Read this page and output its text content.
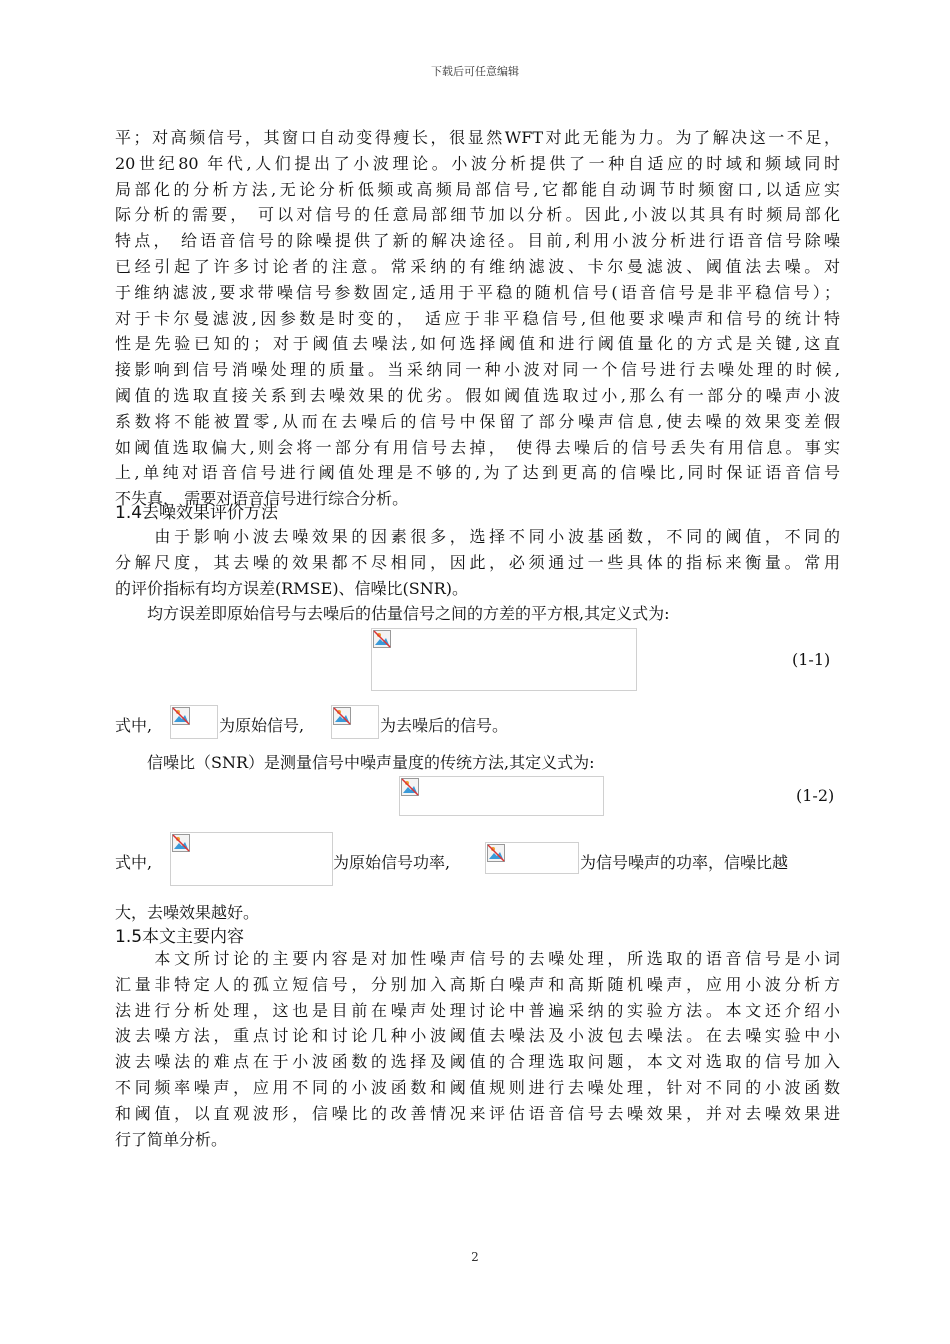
下载后可任意编辑
平；对高频信号，其窗口自动变得瘦长，很显然WFT对此无能为力。为了解决这一不足，
20世纪80 年代,人们提出了小波理论。小波分析提供了一种自适应的时域和频域同时
局部化的分析方法,无论分析低频或高频局部信号,它都能自动调节时频窗口,以适应实
际分析的需要， 可以对信号的任意局部细节加以分析。因此,小波以其具有时频局部化
特点， 给语音信号的除噪提供了新的解决途径。目前,利用小波分析进行语音信号除噪
已经引起了许多讨论者的注意。常采纳的有维纳滤波、卡尔曼滤波、阈值法去噪。对
于维纳滤波,要求带噪信号参数固定,适用于平稳的随机信号(语音信号是非平稳信号）；
对于卡尔曼滤波,因参数是时变的， 适应于非平稳信号,但他要求噪声和信号的统计特
性是先验已知的；对于阈值去噪法,如何选择阈值和进行阈值量化的方式是关键,这直
接影响到信号消噪处理的质量。当采纳同一种小波对同一个信号进行去噪处理的时候,
阈值的选取直接关系到去噪效果的优劣。假如阈值选取过小,那么有一部分的噪声小波
系数将不能被置零,从而在去噪后的信号中保留了部分噪声信息,使去噪的效果变差假
如阈值选取偏大,则会将一部分有用信号去掉， 使得去噪后的信号丢失有用信息。事实
上,单纯对语音信号进行阈值处理是不够的,为了达到更高的信噪比,同时保证语音信号
不失真， 需要对语音信号进行综合分析。
1.4去噪效果评价方法
　　由于影响小波去噪效果的因素很多，选择不同小波基函数，不同的阈值，不同的
分解尺度，其去噪的效果都不尽相同，因此，必须通过一些具体的指标来衡量。常用
的评价指标有均方误差(RMSE)、信噪比(SNR)。
　　均方误差即原始信号与去噪后的估量信号之间的方差的平方根,其定义式为:
(1-1)
式中,	为原始信号,	为去噪后的信号。
　　信噪比（SNR）是测量信号中噪声量度的传统方法,其定义式为:
(1-2)
式中,	为原始信号功率,	为信号噪声的功率，信噪比越
大，去噪效果越好。
1.5本文主要内容
　　本文所讨论的主要内容是对加性噪声信号的去噪处理，所选取的语音信号是小词
汇量非特定人的孤立短信号，分别加入高斯白噪声和高斯随机噪声，应用小波分析方
法进行分析处理，这也是目前在噪声处理讨论中普遍采纳的实验方法。本文还介绍小
波去噪方法，重点讨论和讨论几种小波阈值去噪法及小波包去噪法。在去噪实验中小
波去噪法的难点在于小波函数的选择及阈值的合理选取问题，本文对选取的信号加入
不同频率噪声，应用不同的小波函数和阈值规则进行去噪处理，针对不同的小波函数
和阈值，以直观波形，信噪比的改善情况来评估语音信号去噪效果，并对去噪效果进
行了简单分析。
2
